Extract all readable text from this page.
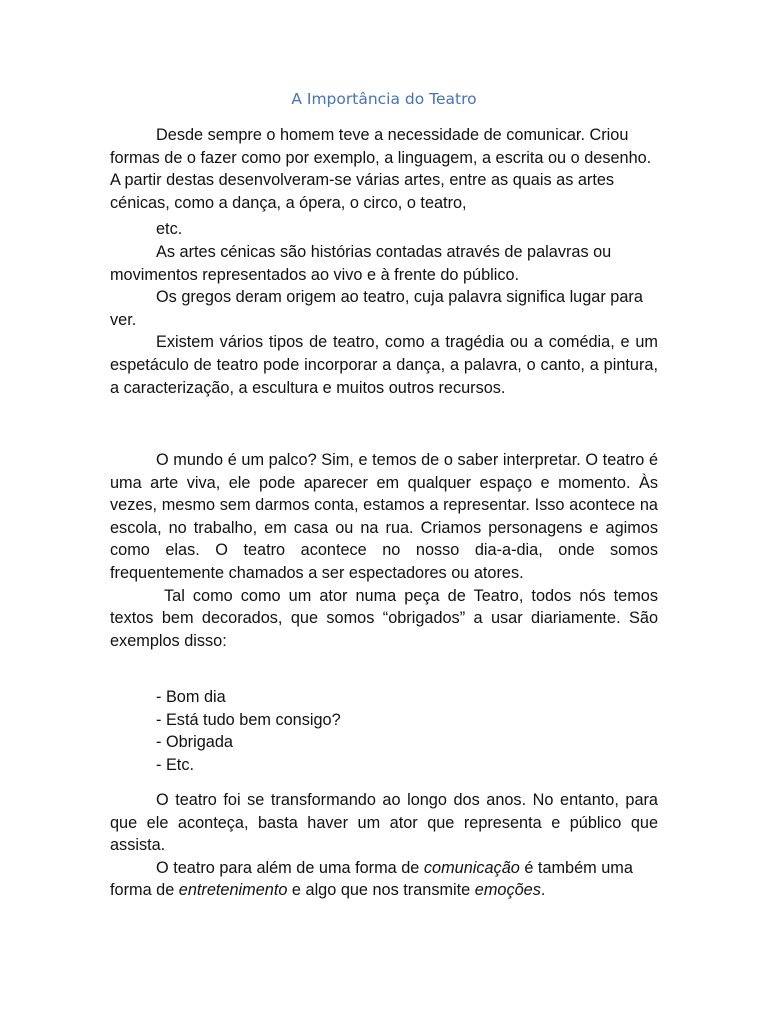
A Importância do Teatro

Desde sempre o homem teve a necessidade de comunicar. Criou formas de o fazer como por exemplo, a linguagem, a escrita ou o desenho. A partir destas desenvolveram-se várias artes, entre as quais as artes cénicas, como a dança, a ópera, o circo, o teatro,
etc.

As artes cénicas são histórias contadas através de palavras ou movimentos representados ao vivo e à frente do público.

Os gregos deram origem ao teatro, cuja palavra significa lugar para ver.

Existem vários tipos de teatro, como a tragédia ou a comédia, e um espetáculo de teatro pode incorporar a dança, a palavra, o canto, a pintura, a caracterização, a escultura e muitos outros recursos.

O mundo é um palco? Sim, e temos de o saber interpretar. O teatro é uma arte viva, ele pode aparecer em qualquer espaço e momento. Às vezes, mesmo sem darmos conta, estamos a representar. Isso acontece na escola, no trabalho, em casa ou na rua. Criamos personagens e agimos como elas. O teatro acontece no nosso dia-a-dia, onde somos frequentemente chamados a ser espectadores ou atores.

Tal como como um ator numa peça de Teatro, todos nós temos textos bem decorados, que somos “obrigados” a usar diariamente. São exemplos disso:

- Bom dia
- Está tudo bem consigo?
- Obrigada
- Etc.

O teatro foi se transformando ao longo dos anos. No entanto, para que ele aconteça, basta haver um ator que representa e público que assista.

O teatro para além de uma forma de comunicação é também uma forma de entretenimento e algo que nos transmite emoções.
